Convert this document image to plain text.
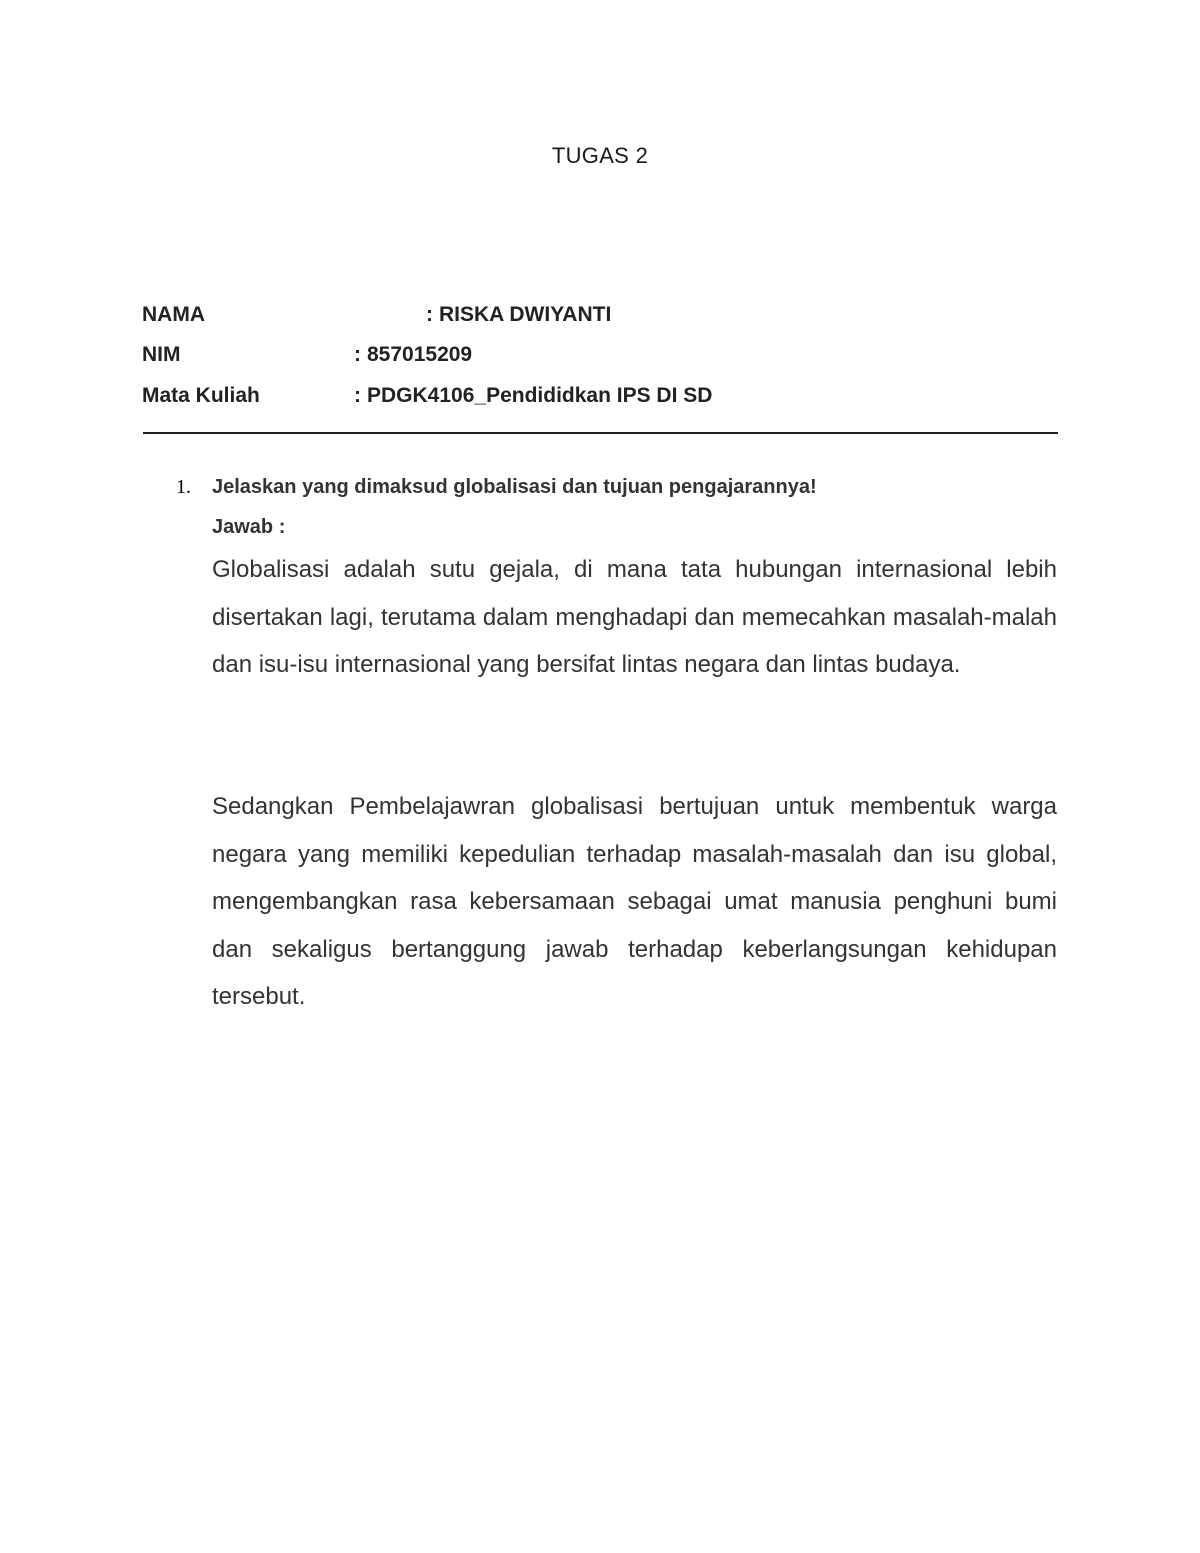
TUGAS 2
NAMA	: RISKA DWIYANTI
NIM	: 857015209
Mata Kuliah	: PDGK4106_Pendididkan IPS DI SD
1. Jelaskan yang dimaksud globalisasi dan tujuan pengajarannya!
Jawab :

Globalisasi adalah sutu gejala, di mana tata hubungan internasional lebih disertakan lagi, terutama dalam menghadapi dan memecahkan masalah-malah dan isu-isu internasional yang bersifat lintas negara dan lintas budaya.

Sedangkan Pembelajawran globalisasi bertujuan untuk membentuk warga negara yang memiliki kepedulian terhadap masalah-masalah dan isu global, mengembangkan rasa kebersamaan sebagai umat manusia penghuni bumi dan sekaligus bertanggung jawab terhadap keberlangsungan kehidupan tersebut.
